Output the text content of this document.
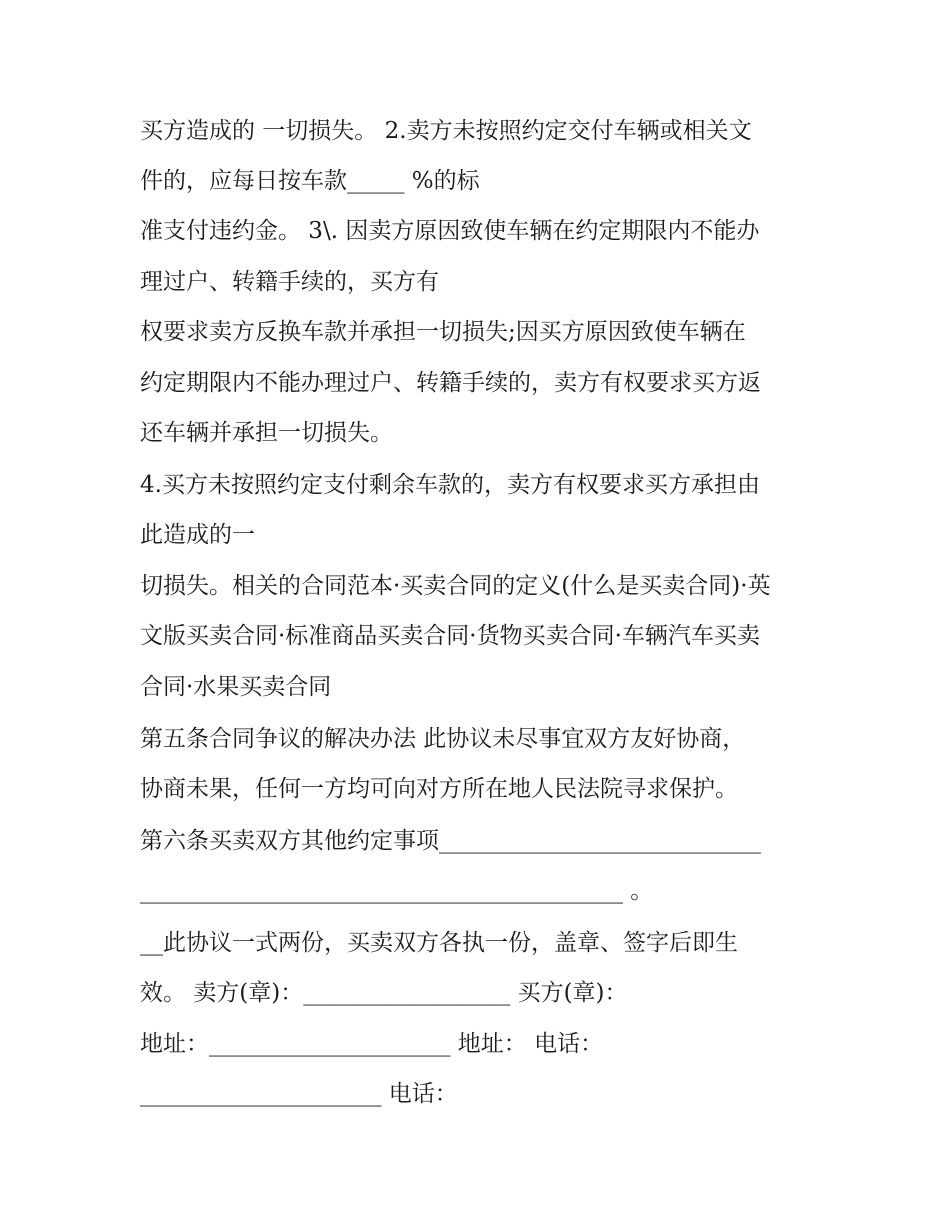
买方造成的 一切损失。 2.卖方未按照约定交付车辆或相关文

件的，应每日按车款_____ %的标

准支付违约金。 3\. 因卖方原因致使车辆在约定期限内不能办

理过户、转籍手续的，买方有

权要求卖方反换车款并承担一切损失;因买方原因致使车辆在

约定期限内不能办理过户、转籍手续的，卖方有权要求买方返

还车辆并承担一切损失。

4.买方未按照约定支付剩余车款的，卖方有权要求买方承担由

此造成的一

切损失。相关的合同范本·买卖合同的定义(什么是买卖合同)·英

文版买卖合同·标准商品买卖合同·货物买卖合同·车辆汽车买卖

合同·水果买卖合同

第五条合同争议的解决办法 此协议未尽事宜双方友好协商，

协商未果，任何一方均可向对方所在地人民法院寻求保护。

第六条买卖双方其他约定事项____________________________

__________________________________________ 。

__此协议一式两份，买卖双方各执一份，盖章、签字后即生

效。 卖方(章)：__________________ 买方(章)：

地址：_____________________ 地址： 电话：

_____________________ 电话：
